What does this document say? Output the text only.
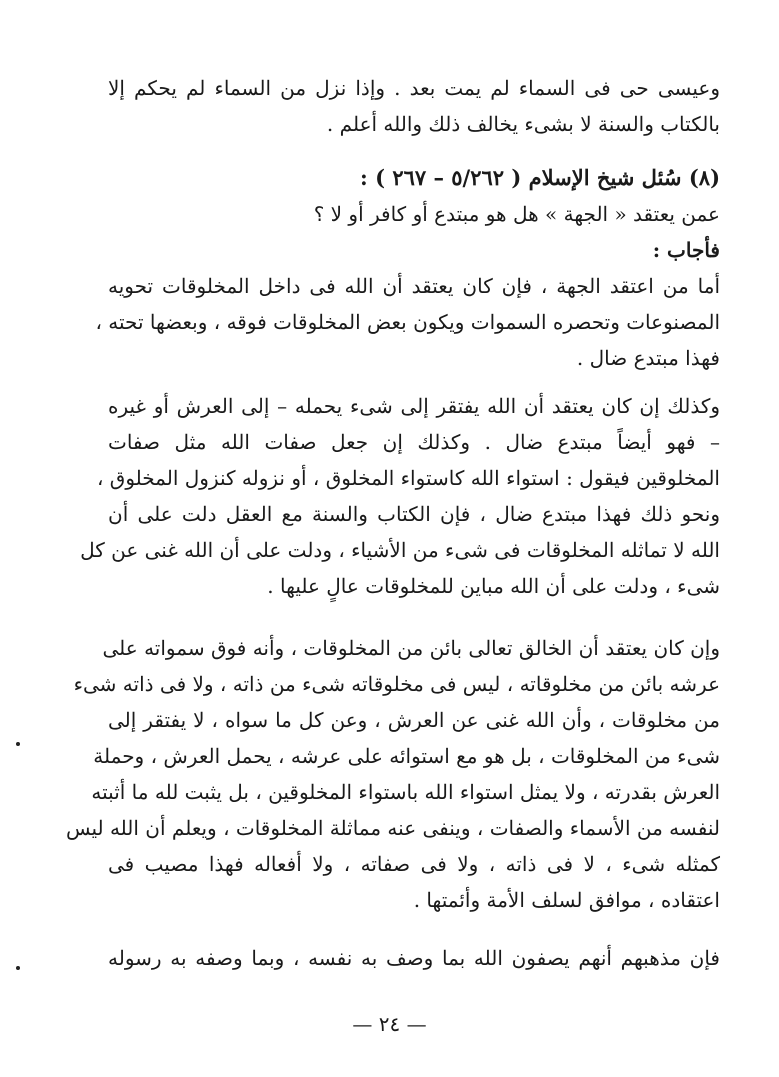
وعيسى حى فى السماء لم يمت بعد . وإذا نزل من السماء لم يحكم إلا
بالكتاب والسنة لا بشىء يخالف ذلك والله أعلم .
(٨) سُئل شيخ الإسلام ( ٥/٢٦٢ – ٢٦٧ ) :
عمن يعتقد « الجهة » هل هو مبتدع أو كافر أو لا ؟
فأجاب :
أما من اعتقد الجهة ، فإن كان يعتقد أن الله فى داخل المخلوقات تحويه
المصنوعات وتحصره السموات ويكون بعض المخلوقات فوقه ، وبعضها تحته ،
فهذا مبتدع ضال .
وكذلك إن كان يعتقد أن الله يفتقر إلى شىء يحمله – إلى العرش أو غيره
– فهو أيضاً مبتدع ضال . وكذلك إن جعل صفات الله مثل صفات
المخلوقين فيقول : استواء الله كاستواء المخلوق ، أو نزوله كنزول المخلوق ،
ونحو ذلك فهذا مبتدع ضال ، فإن الكتاب والسنة مع العقل دلت على أن
الله لا تماثله المخلوقات فى شىء من الأشياء ، ودلت على أن الله غنى عن كل
شىء ، ودلت على أن الله مباين للمخلوقات عالٍ عليها .
وإن كان يعتقد أن الخالق تعالى بائن من المخلوقات ، وأنه فوق سمواته على
عرشه بائن من مخلوقاته ، ليس فى مخلوقاته شىء من ذاته ، ولا فى ذاته شىء
من مخلوقات ، وأن الله غنى عن العرش ، وعن كل ما سواه ، لا يفتقر إلى
شىء من المخلوقات ، بل هو مع استوائه على عرشه ، يحمل العرش ، وحملة
العرش بقدرته ، ولا يمثل استواء الله باستواء المخلوقين ، بل يثبت لله ما أثبته
لنفسه من الأسماء والصفات ، وينفى عنه مماثلة المخلوقات ، ويعلم أن الله ليس
كمثله شىء ، لا فى ذاته ، ولا فى صفاته ، ولا أفعاله فهذا مصيب فى
اعتقاده ، موافق لسلف الأمة وأئمتها .
فإن مذهبهم أنهم يصفون الله بما وصف به نفسه ، وبما وصفه به رسوله
— ٢٤ —
